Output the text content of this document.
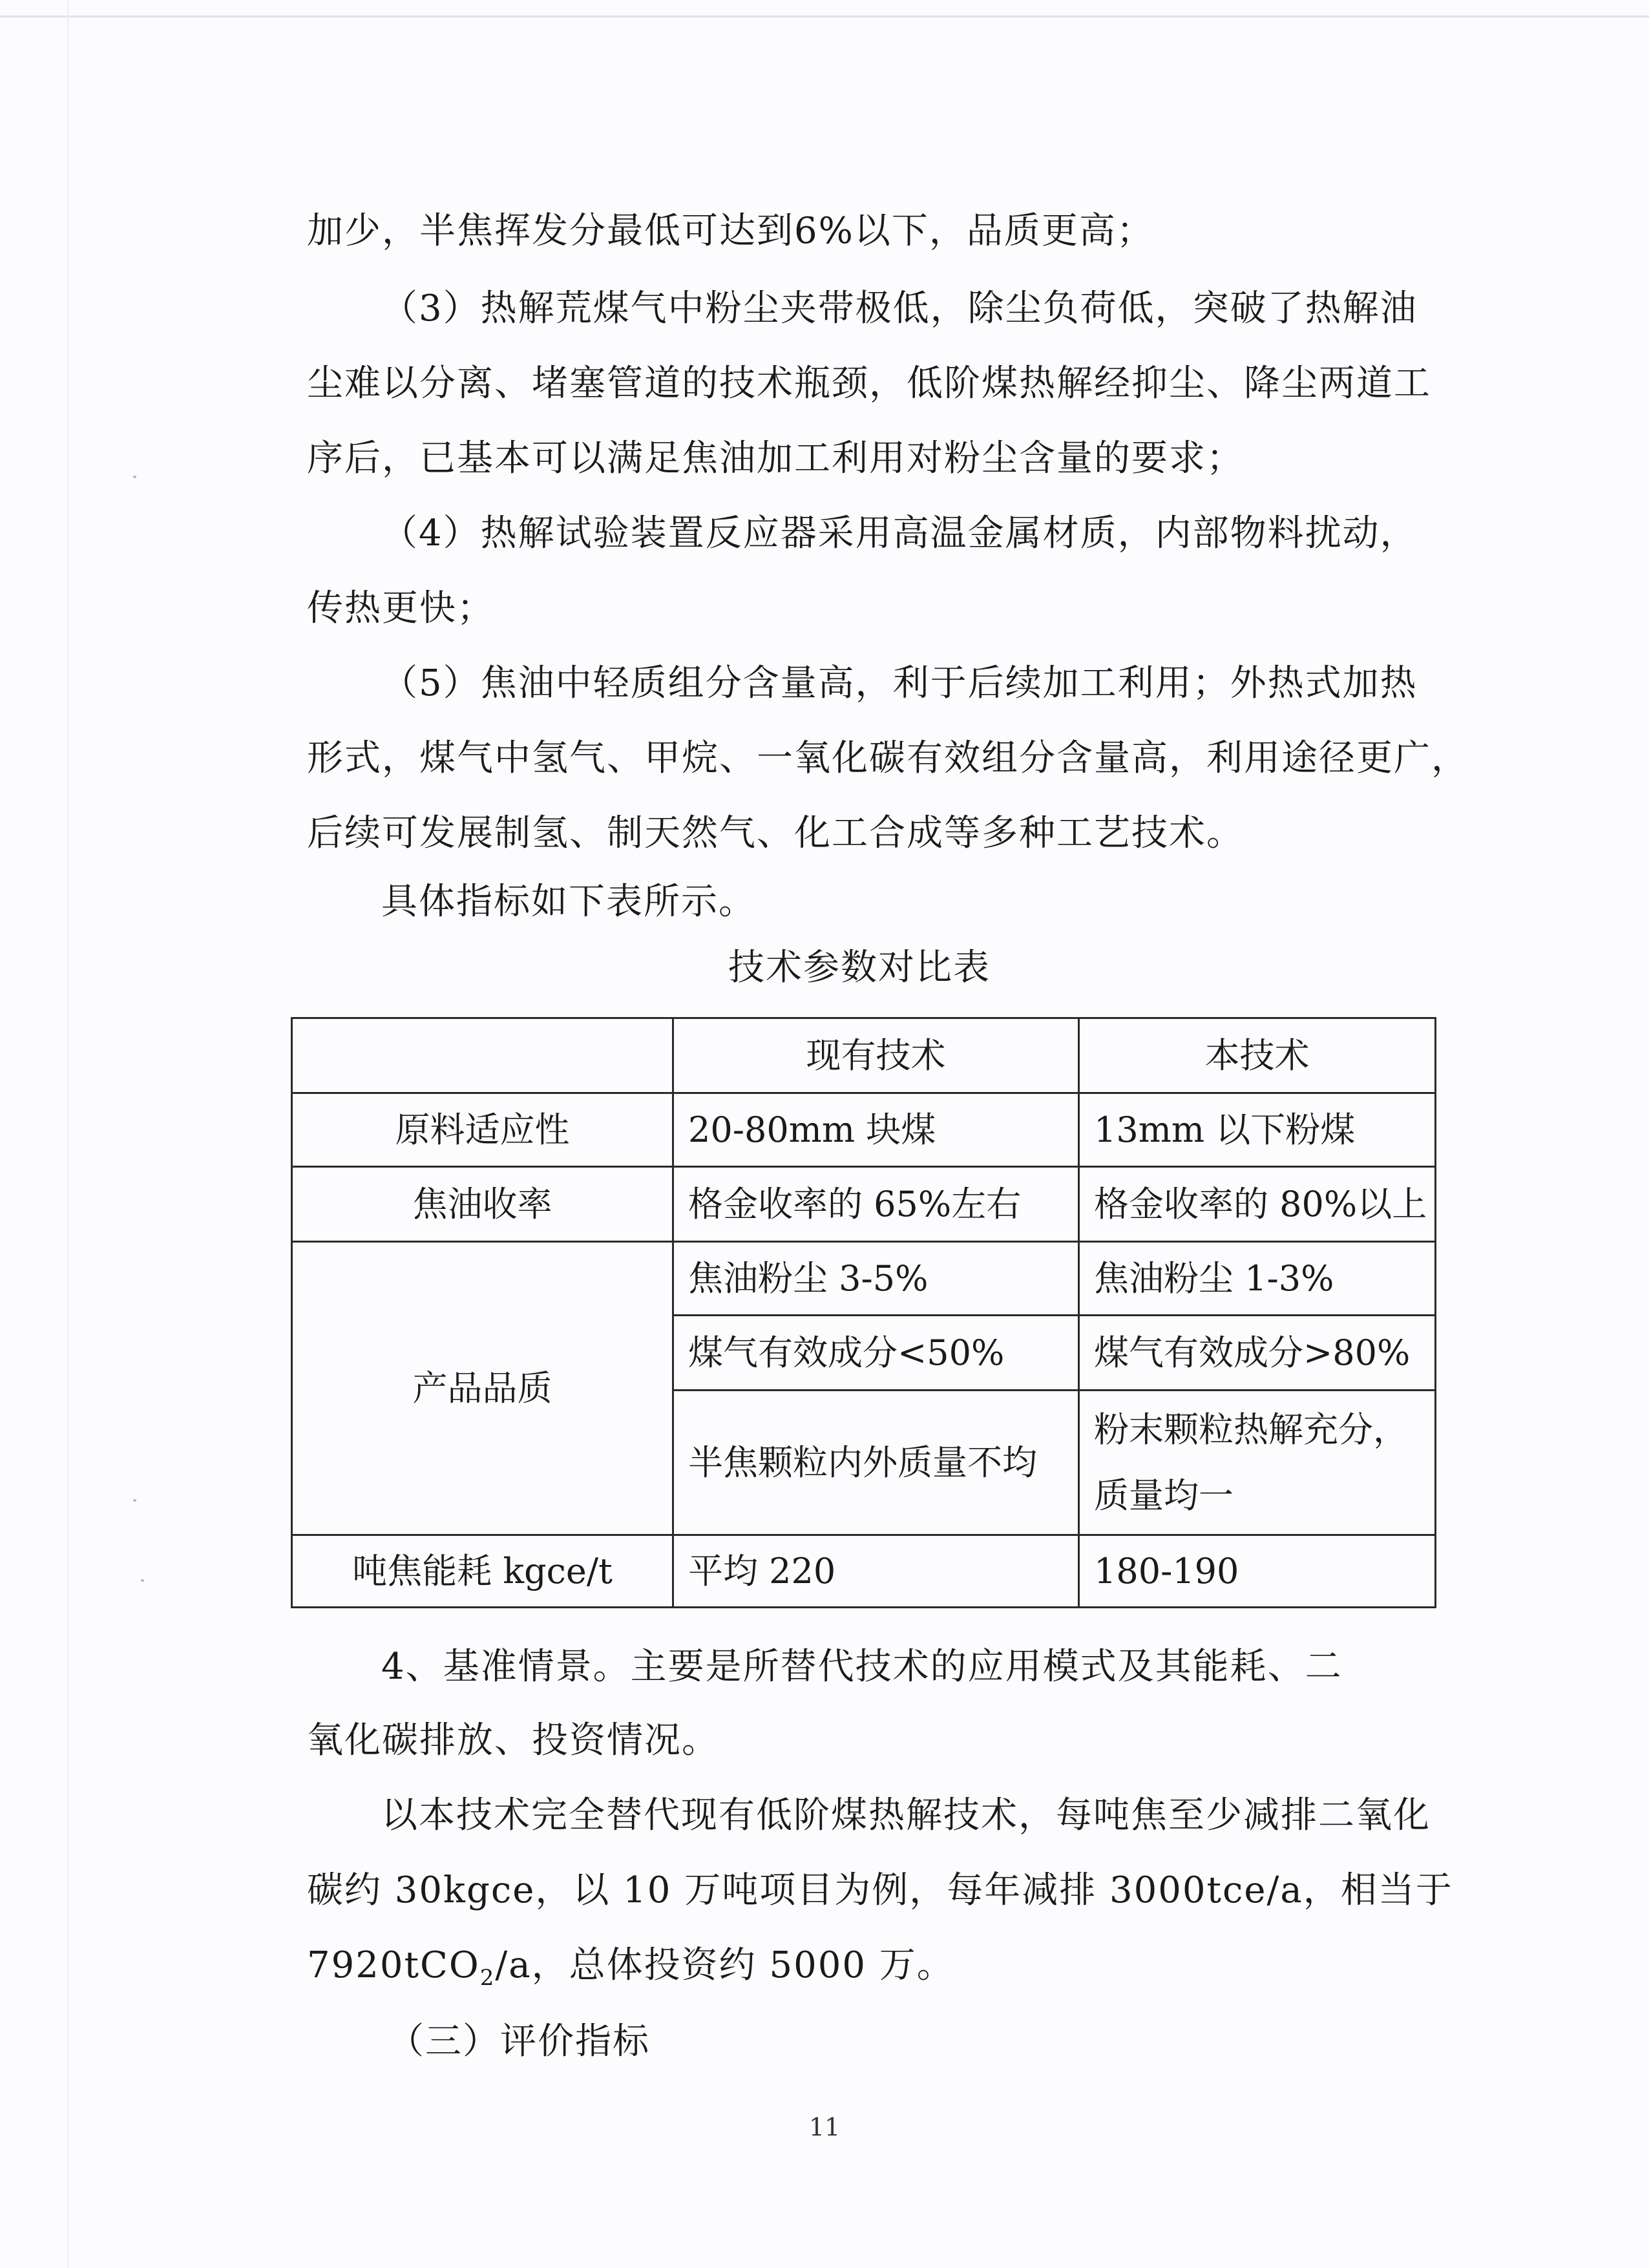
加少，半焦挥发分最低可达到6%以下，品质更高；
（3）热解荒煤气中粉尘夹带极低，除尘负荷低，突破了热解油
尘难以分离、堵塞管道的技术瓶颈，低阶煤热解经抑尘、降尘两道工
序后，已基本可以满足焦油加工利用对粉尘含量的要求；
（4）热解试验装置反应器采用高温金属材质，内部物料扰动，
传热更快；
（5）焦油中轻质组分含量高，利于后续加工利用；外热式加热
形式，煤气中氢气、甲烷、一氧化碳有效组分含量高，利用途径更广，
后续可发展制氢、制天然气、化工合成等多种工艺技术。
具体指标如下表所示。
技术参数对比表
	现有技术	本技术
原料适应性	20-80mm 块煤	13mm 以下粉煤
焦油收率	格金收率的 65%左右	格金收率的 80%以上
产品品质	焦油粉尘 3-5%	焦油粉尘 1-3%
	煤气有效成分<50%	煤气有效成分>80%
	半焦颗粒内外质量不均	粉末颗粒热解充分，
质量均一

吨焦能耗 kgce/t	平均 220	180-190
4、基准情景。主要是所替代技术的应用模式及其能耗、二
氧化碳排放、投资情况。
以本技术完全替代现有低阶煤热解技术，每吨焦至少减排二氧化
碳约 30kgce，以 10 万吨项目为例，每年减排 3000tce/a，相当于
7920tCO$_2$/a，总体投资约 5000 万。
（三）评价指标
11
